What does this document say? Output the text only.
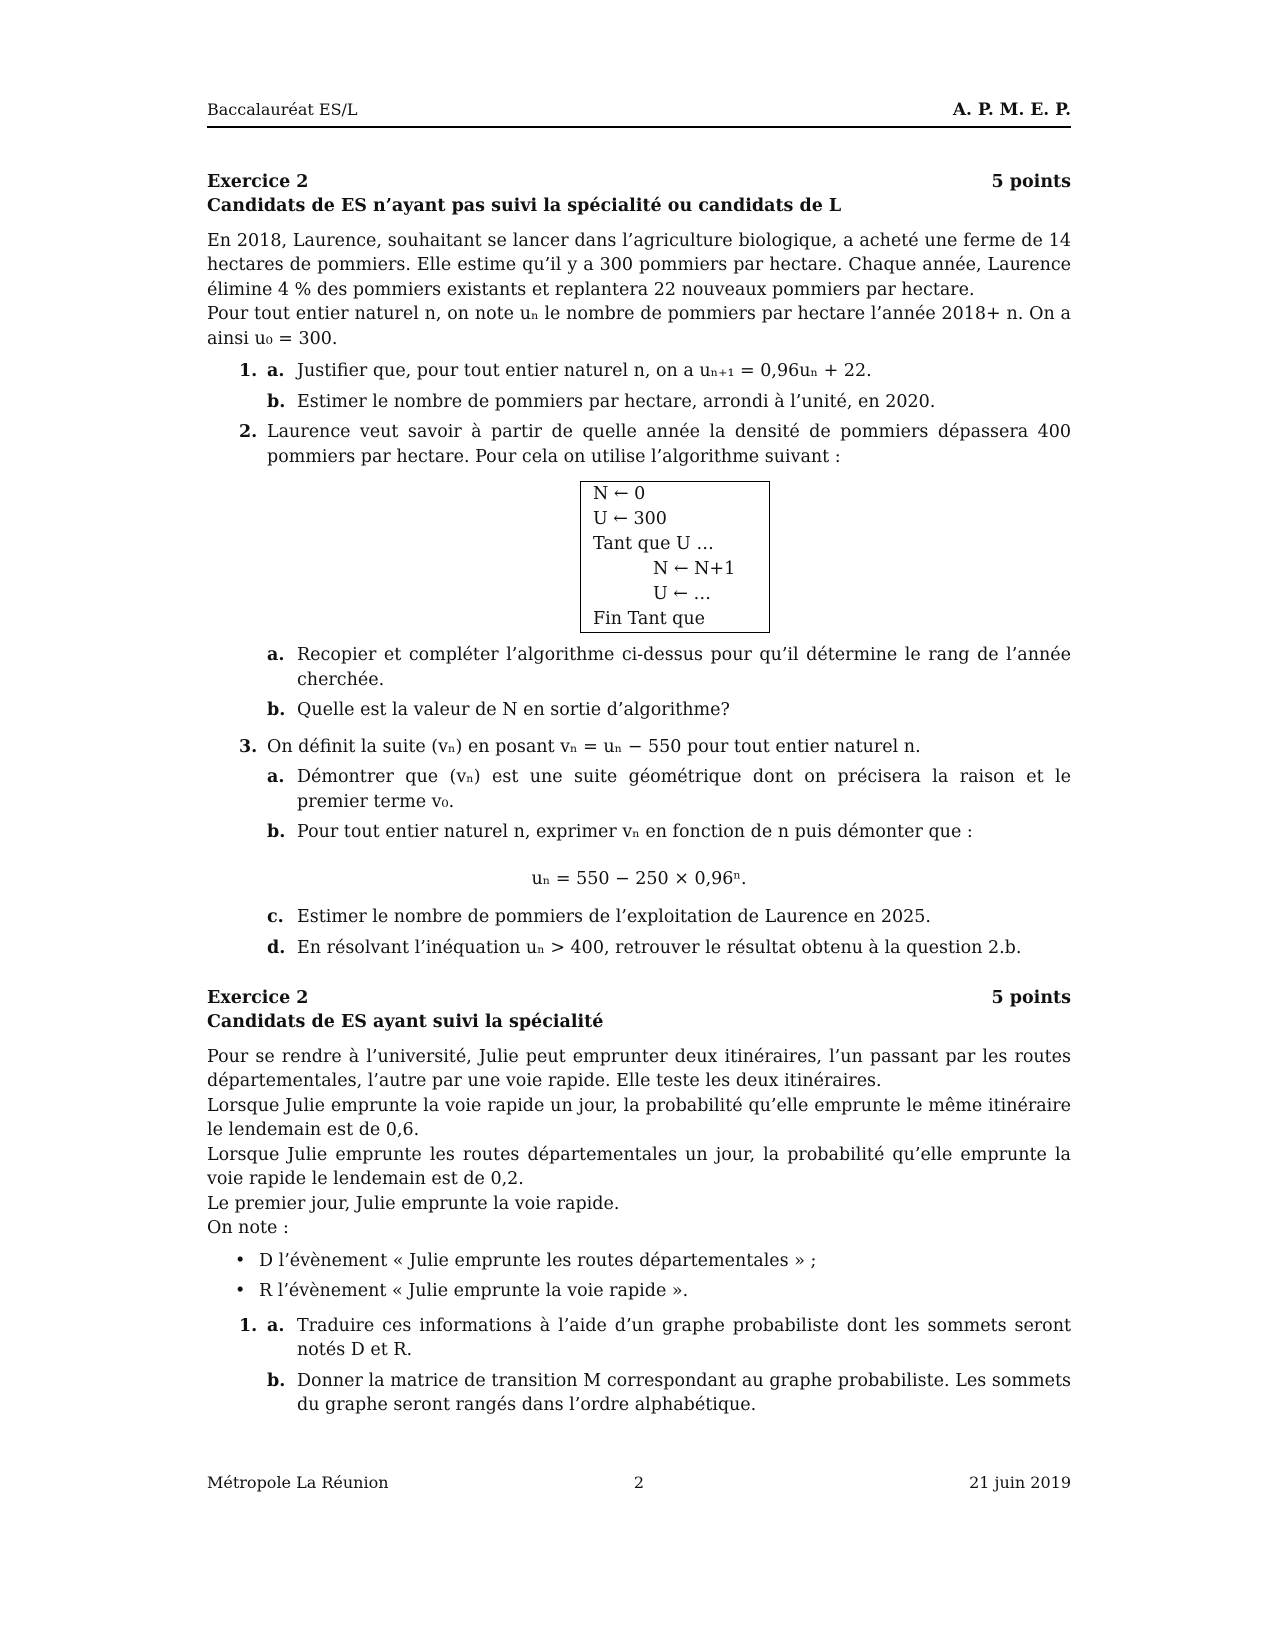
Baccalauréat ES/L	A. P. M. E. P.
Exercice 2	5 points
Candidats de ES n’ayant pas suivi la spécialité ou candidats de L

En 2018, Laurence, souhaitant se lancer dans l’agriculture biologique, a acheté une ferme de 14 hectares de pommiers. Elle estime qu’il y a 300 pommiers par hectare. Chaque année, Laurence élimine 4 % des pommiers existants et replantera 22 nouveaux pommiers par hectare.

Pour tout entier naturel n, on note uₙ le nombre de pommiers par hectare l’année 2018+ n. On a ainsi u₀ = 300.

1. a. Justifier que, pour tout entier naturel n, on a uₙ₊₁ = 0,96uₙ + 22.

b. Estimer le nombre de pommiers par hectare, arrondi à l’unité, en 2020.

2. Laurence veut savoir à partir de quelle année la densité de pommiers dépassera 400 pommiers par hectare. Pour cela on utilise l’algorithme suivant :

N ← 0
U ← 300
Tant que U …
N ← N+1
U ← …
Fin Tant que
a. Recopier et compléter l’algorithme ci-dessus pour qu’il détermine le rang de l’année cherchée.

b. Quelle est la valeur de N en sortie d’algorithme?

3. On définit la suite (vₙ) en posant vₙ = uₙ − 550 pour tout entier naturel n.

a. Démontrer que (vₙ) est une suite géométrique dont on précisera la raison et le premier terme v₀.

b. Pour tout entier naturel n, exprimer vₙ en fonction de n puis démonter que :

uₙ = 550 − 250 × 0,96ⁿ.
c. Estimer le nombre de pommiers de l’exploitation de Laurence en 2025.

d. En résolvant l’inéquation uₙ > 400, retrouver le résultat obtenu à la question 2.b.

Exercice 2	5 points
Candidats de ES ayant suivi la spécialité

Pour se rendre à l’université, Julie peut emprunter deux itinéraires, l’un passant par les routes départementales, l’autre par une voie rapide. Elle teste les deux itinéraires.

Lorsque Julie emprunte la voie rapide un jour, la probabilité qu’elle emprunte le même itinéraire le lendemain est de 0,6.

Lorsque Julie emprunte les routes départementales un jour, la probabilité qu’elle emprunte la voie rapide le lendemain est de 0,2.

Le premier jour, Julie emprunte la voie rapide.

On note :

• D l’évènement « Julie emprunte les routes départementales » ;
• R l’évènement « Julie emprunte la voie rapide ».
1. a. Traduire ces informations à l’aide d’un graphe probabiliste dont les sommets seront notés D et R.

b. Donner la matrice de transition M correspondant au graphe probabiliste. Les sommets du graphe seront rangés dans l’ordre alphabétique.

Métropole La Réunion	2	21 juin 2019
